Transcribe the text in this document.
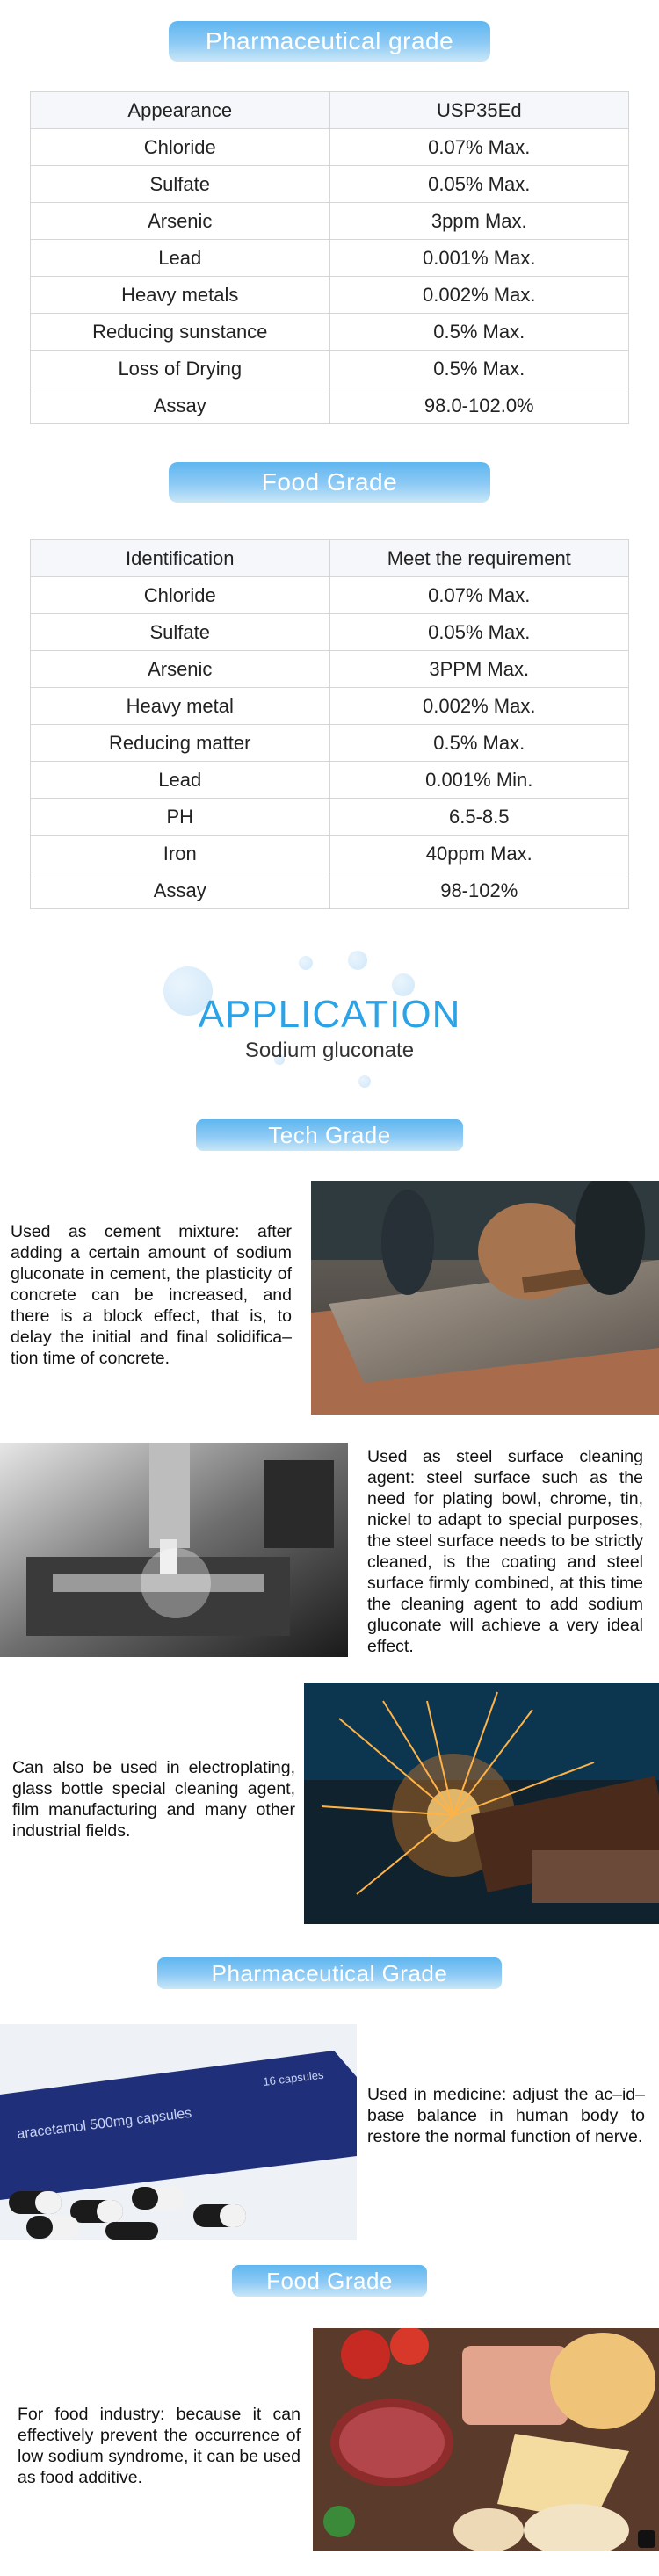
Pharmaceutical grade
Appearance	USP35Ed
Chloride	0.07% Max.
Sulfate	0.05% Max.
Arsenic	3ppm Max.
Lead	0.001% Max.
Heavy metals	0.002% Max.
Reducing sunstance	0.5% Max.
Loss of Drying	0.5% Max.
Assay	98.0-102.0%
Food Grade
Identification	Meet the requirement
Chloride	0.07% Max.
Sulfate	0.05% Max.
Arsenic	3PPM Max.
Heavy metal	0.002% Max.
Reducing matter	0.5% Max.
Lead	0.001% Min.
PH	6.5-8.5
Iron	40ppm Max.
Assay	98-102%
APPLICATION
Sodium gluconate
Tech Grade
Used as cement mixture: after adding a certain amount of sodium gluconate in cement, the plasticity of concrete can be increased, and there is a block effect, that is, to delay the initial and final solidifica–tion time of concrete.
Used as steel surface cleaning agent: steel surface such as the need for plating bowl, chrome, tin, nickel to adapt to special purposes, the steel surface needs to be strictly cleaned, is the coating and steel surface firmly combined, at this time the cleaning agent to add sodium gluconate will achieve a very ideal effect.
Can also be used in electroplating, glass bottle special cleaning agent, film manufacturing and many other industrial fields.
Pharmaceutical Grade
aracetamol 500mg capsules
16 capsules
Used in medicine: adjust the ac–id–base balance in human body to restore the normal function of nerve.
Food Grade
For food industry: because it can effectively prevent the occurrence of low sodium syndrome, it can be used as food additive.
